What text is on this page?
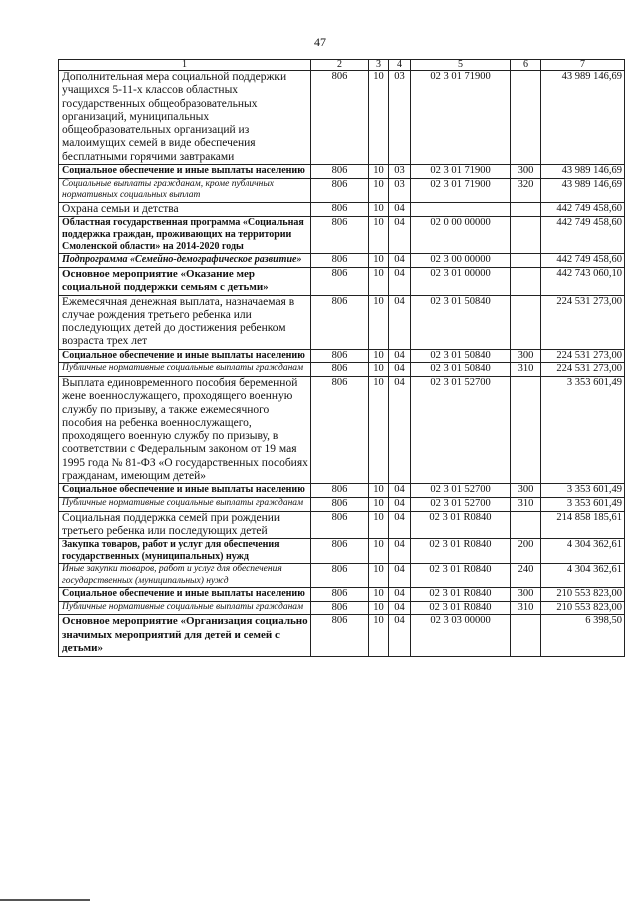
47
1	2	3	4	5	6	7
Дополнительная мера социальной поддержки учащихся 5-11-х классов областных государственных общеобразовательных организаций, муниципальных общеобразовательных организаций из малоимущих семей в виде обеспечения бесплатными горячими завтраками	806	10	03	02 3 01 71900		43 989 146,69
Социальное обеспечение и иные выплаты населению	806	10	03	02 3 01 71900	300	43 989 146,69
Социальные выплаты гражданам, кроме публичных нормативных социальных выплат	806	10	03	02 3 01 71900	320	43 989 146,69
Охрана семьи и детства	806	10	04			442 749 458,60
Областная государственная программа «Социальная поддержка граждан, проживающих на территории Смоленской области» на 2014-2020 годы	806	10	04	02 0 00 00000		442 749 458,60
Подпрограмма «Семейно-демографическое развитие»	806	10	04	02 3 00 00000		442 749 458,60
Основное мероприятие «Оказание мер социальной поддержки семьям с детьми»	806	10	04	02 3 01 00000		442 743 060,10
Ежемесячная денежная выплата, назначаемая в случае рождения третьего ребенка или последующих детей до достижения ребенком возраста трех лет	806	10	04	02 3 01 50840		224 531 273,00
Социальное обеспечение и иные выплаты населению	806	10	04	02 3 01 50840	300	224 531 273,00
Публичные нормативные социальные выплаты гражданам	806	10	04	02 3 01 50840	310	224 531 273,00
Выплата единовременного пособия беременной жене военнослужащего, проходящего военную службу по призыву, а также ежемесячного пособия на ребенка военнослужащего, проходящего военную службу по призыву, в соответствии с Федеральным законом от 19 мая 1995 года № 81-ФЗ «О государственных пособиях гражданам, имеющим детей»	806	10	04	02 3 01 52700		3 353 601,49
Социальное обеспечение и иные выплаты населению	806	10	04	02 3 01 52700	300	3 353 601,49
Публичные нормативные социальные выплаты гражданам	806	10	04	02 3 01 52700	310	3 353 601,49
Социальная поддержка семей при рождении третьего ребенка или последующих детей	806	10	04	02 3 01 R0840		214 858 185,61
Закупка товаров, работ и услуг для обеспечения государственных (муниципальных) нужд	806	10	04	02 3 01 R0840	200	4 304 362,61
Иные закупки товаров, работ и услуг для обеспечения государственных (муниципальных) нужд	806	10	04	02 3 01 R0840	240	4 304 362,61
Социальное обеспечение и иные выплаты населению	806	10	04	02 3 01 R0840	300	210 553 823,00
Публичные нормативные социальные выплаты гражданам	806	10	04	02 3 01 R0840	310	210 553 823,00
Основное мероприятие «Организация социально значимых мероприятий для детей и семей с детьми»	806	10	04	02 3 03 00000		6 398,50
